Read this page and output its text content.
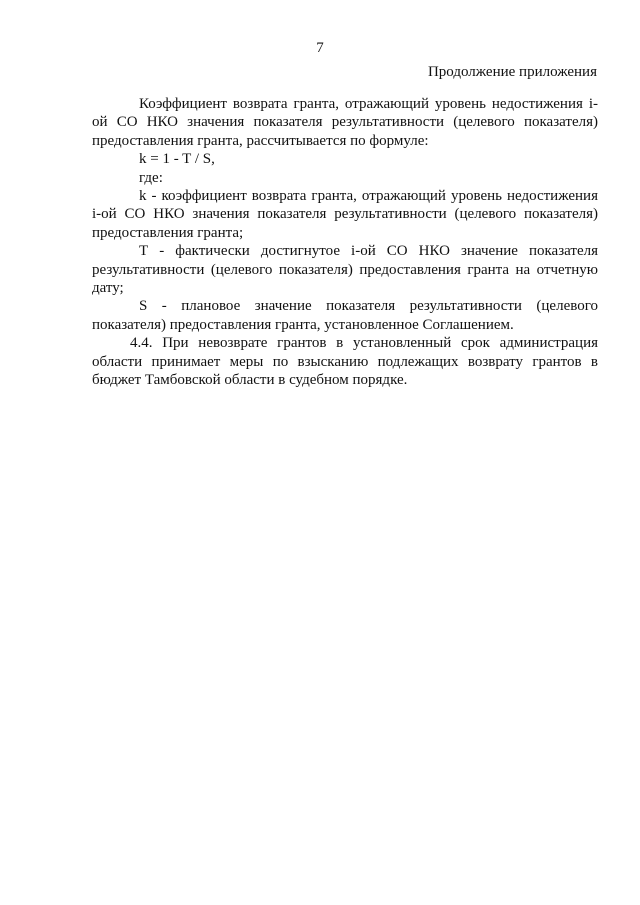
7
Продолжение приложения

Коэффициент возврата гранта, отражающий уровень недостижения i-ой СО НКО значения показателя результативности (целевого показателя) предоставления гранта, рассчитывается по формуле:

k = 1 - T / S,

где:

k - коэффициент возврата гранта, отражающий уровень недостижения i-ой СО НКО значения показателя результативности (целевого показателя) предоставления гранта;

Т - фактически достигнутое i-ой СО НКО значение показателя результативности (целевого показателя) предоставления гранта на отчетную дату;

S - плановое значение показателя результативности (целевого показателя) предоставления гранта, установленное Соглашением.

4.4. При невозврате грантов в установленный срок администрация области принимает меры по взысканию подлежащих возврату грантов в бюджет Тамбовской области в судебном порядке.
